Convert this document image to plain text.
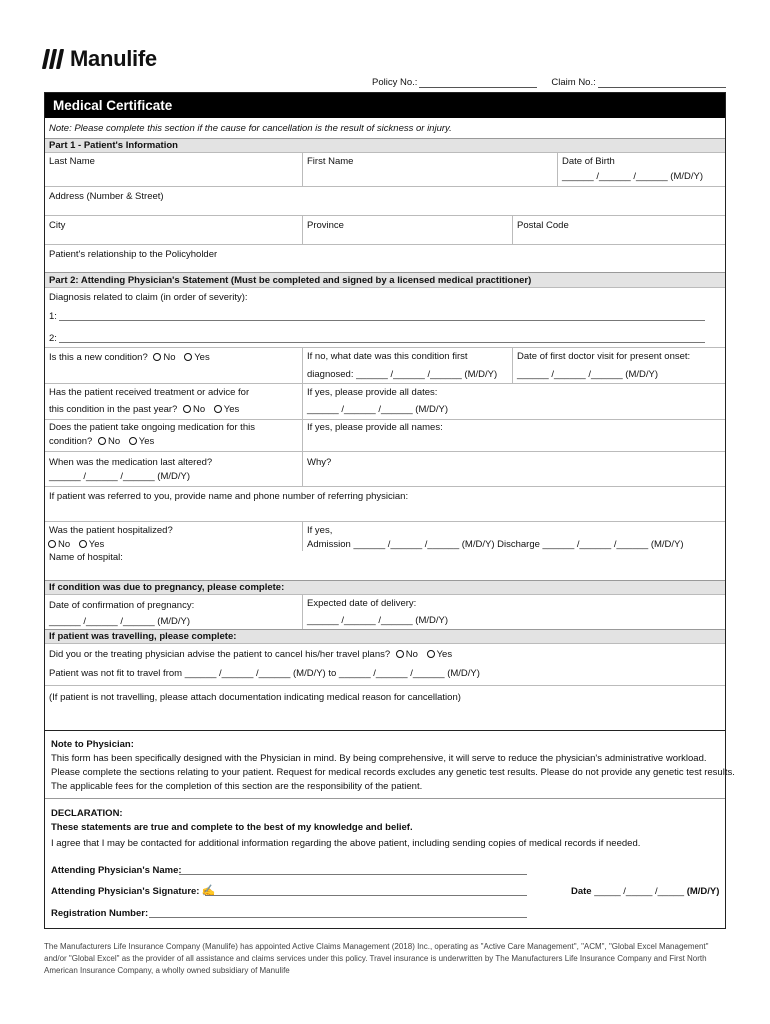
Manulife
Policy No.:	Claim No.:
Medical Certificate
Note: Please complete this section if the cause for cancellation is the result of sickness or injury.
Part 1 - Patient's Information
Last Name	First Name	Date of Birth
______ /______ /______ (M/D/Y)
Address (Number & Street)
City	Province	Postal Code
Patient's relationship to the Policyholder
Part 2: Attending Physician's Statement (Must be completed and signed by a licensed medical practitioner)
Diagnosis related to claim (in order of severity):
1:
2:
Is this a new condition? No Yes	If no, what date was this condition first
diagnosed: ______ /______ /______ (M/D/Y)
Date of first doctor visit for present onset:
______ /______ /______ (M/D/Y)
Has the patient received treatment or advice for
this condition in the past year? No Yes
If yes, please provide all dates:
______ /______ /______ (M/D/Y)
Does the patient take ongoing medication for this
condition? No Yes
If yes, please provide all names:
When was the medication last altered?
______ /______ /______ (M/D/Y)
Why?
If patient was referred to you, provide name and phone number of referring physician:
Was the patient hospitalized?
No Yes
If yes,
Admission ______ /______ /______ (M/D/Y) Discharge ______ /______ /______ (M/D/Y)
Name of hospital:
If condition was due to pregnancy, please complete:
Date of confirmation of pregnancy:
______ /______ /______ (M/D/Y)
Expected date of delivery:
______ /______ /______ (M/D/Y)
If patient was travelling, please complete:
Did you or the treating physician advise the patient to cancel his/her travel plans? No Yes
Patient was not fit to travel from ______ /______ /______ (M/D/Y) to ______ /______ /______ (M/D/Y)
(If patient is not travelling, please attach documentation indicating medical reason for cancellation)
Note to Physician:
This form has been specifically designed with the Physician in mind. By being comprehensive, it will serve to reduce the physician's administrative workload.
Please complete the sections relating to your patient. Request for medical records excludes any genetic test results. Please do not provide any genetic test results.
The applicable fees for the completion of this section are the responsibility of the patient.
DECLARATION:
These statements are true and complete to the best of my knowledge and belief.
I agree that I may be contacted for additional information regarding the above patient, including sending copies of medical records if needed.
Attending Physician's Name:
Attending Physician's Signature: ✍	Date _____ /_____ /_____ (M/D/Y)
Registration Number:
The Manufacturers Life Insurance Company (Manulife) has appointed Active Claims Management (2018) Inc., operating as "Active Care Management", "ACM", "Global Excel Management"
and/or "Global Excel" as the provider of all assistance and claims services under this policy. Travel insurance is underwritten by The Manufacturers Life Insurance Company and First North
American Insurance Company, a wholly owned subsidiary of Manulife
